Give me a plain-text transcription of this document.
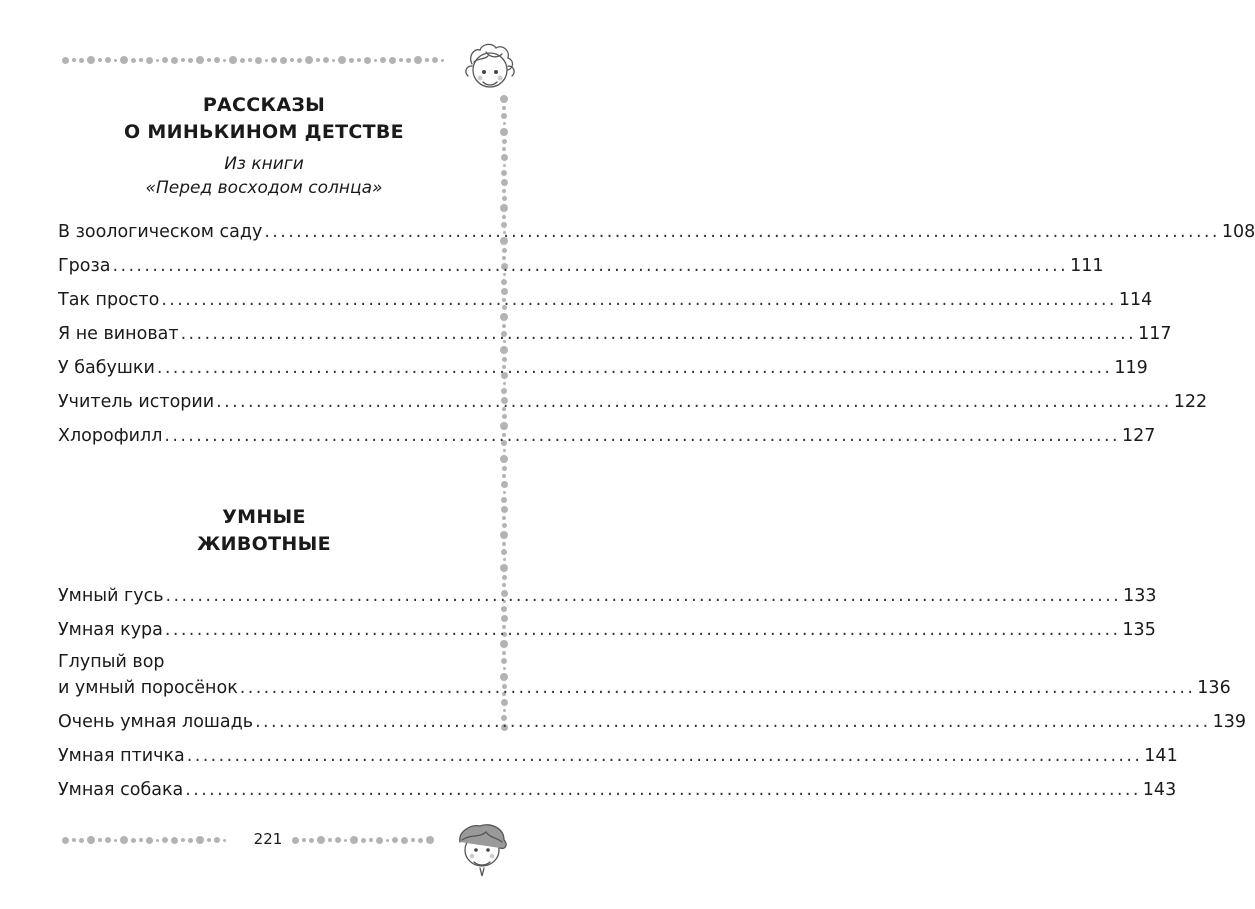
РАССКАЗЫ

О МИНЬКИНОМ ДЕТСТВЕ

Из книги

«Перед восходом солнца»

В зоологическом саду ........................................................................................................................ 108
Гроза ........................................................................................................................ 111
Так просто ........................................................................................................................ 114
Я не виноват ........................................................................................................................ 117
У бабушки ........................................................................................................................ 119
Учитель истории ........................................................................................................................ 122
Хлорофилл ........................................................................................................................ 127

УМНЫЕ

ЖИВОТНЫЕ

Умный гусь ........................................................................................................................ 133
Умная кура ........................................................................................................................ 135
Глупый вор
и умный поросёнок ........................................................................................................................ 136
Очень умная лошадь ........................................................................................................................ 139
Умная птичка ........................................................................................................................ 141
Умная собака ........................................................................................................................ 143
221
